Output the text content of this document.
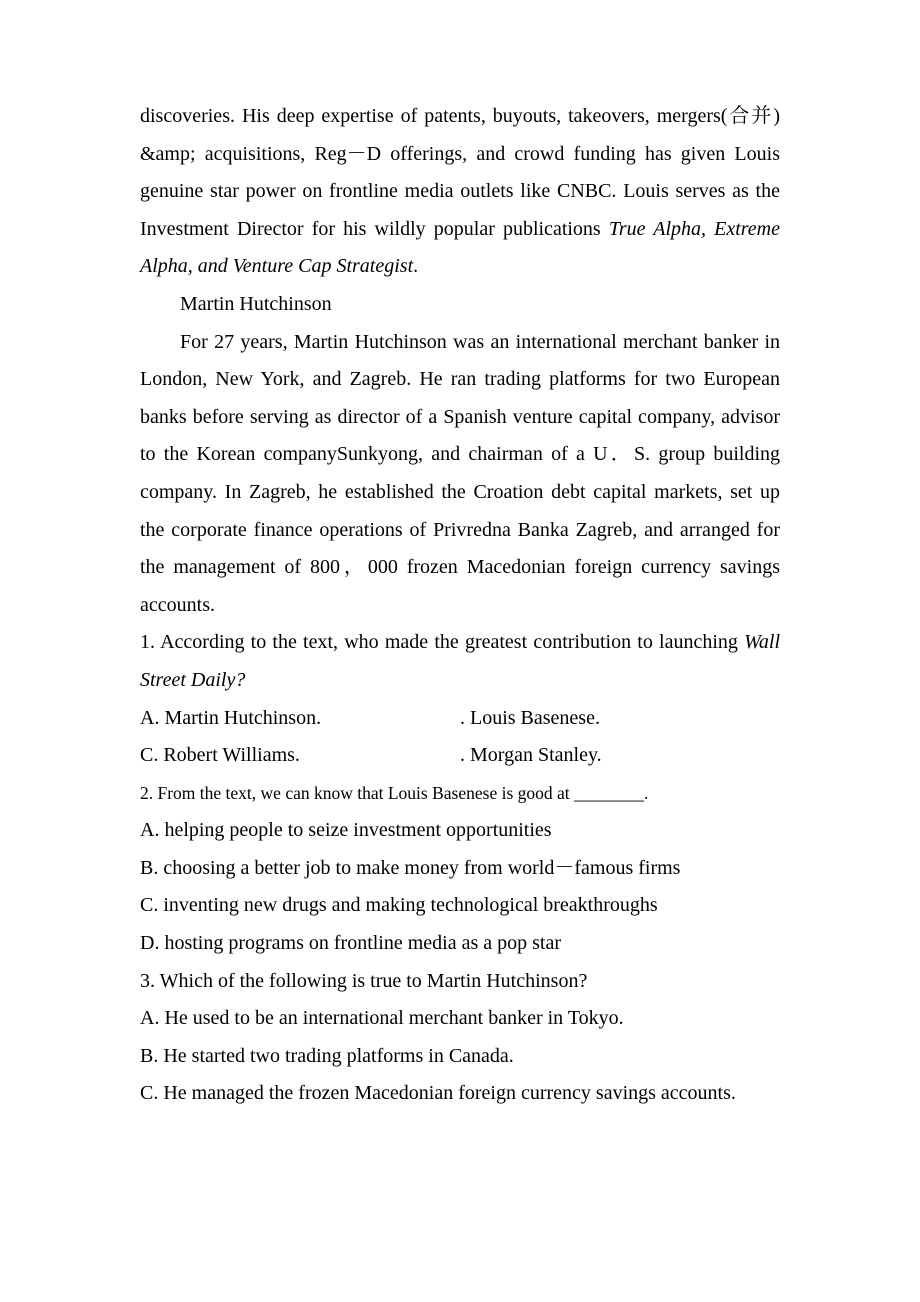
discoveries. His deep expertise of patents, buyouts, takeovers, mergers(合并) &amp; acquisitions, Reg－D offerings, and crowd funding has given Louis genuine star power on frontline media outlets like CNBC. Louis serves as the Investment Director for his wildly popular publications True Alpha, Extreme Alpha, and Venture Cap Strategist.

Martin Hutchinson

For 27 years, Martin Hutchinson was an international merchant banker in London, New York, and Zagreb. He ran trading platforms for two European banks before serving as director of a Spanish venture capital company, advisor to the Korean companySunkyong, and chairman of a U．S. group building company. In Zagreb, he established the Croation debt capital markets, set up the corporate finance operations of Privredna Banka Zagreb, and arranged for the management of 800，000 frozen Macedonian foreign currency savings accounts.

1. According to the text, who made the greatest contribution to launching Wall Street Daily?

A. Martin Hutchinson.	. Louis Basenese.
C. Robert Williams.	. Morgan Stanley.

2. From the text, we can know that Louis Basenese is good at ________.

A. helping people to seize investment opportunities

B. choosing a better job to make money from world－famous firms

C. inventing new drugs and making technological breakthroughs

D. hosting programs on frontline media as a pop star

3. Which of the following is true to Martin Hutchinson?

A. He used to be an international merchant banker in Tokyo.

B. He started two trading platforms in Canada.

C. He managed the frozen Macedonian foreign currency savings accounts.
